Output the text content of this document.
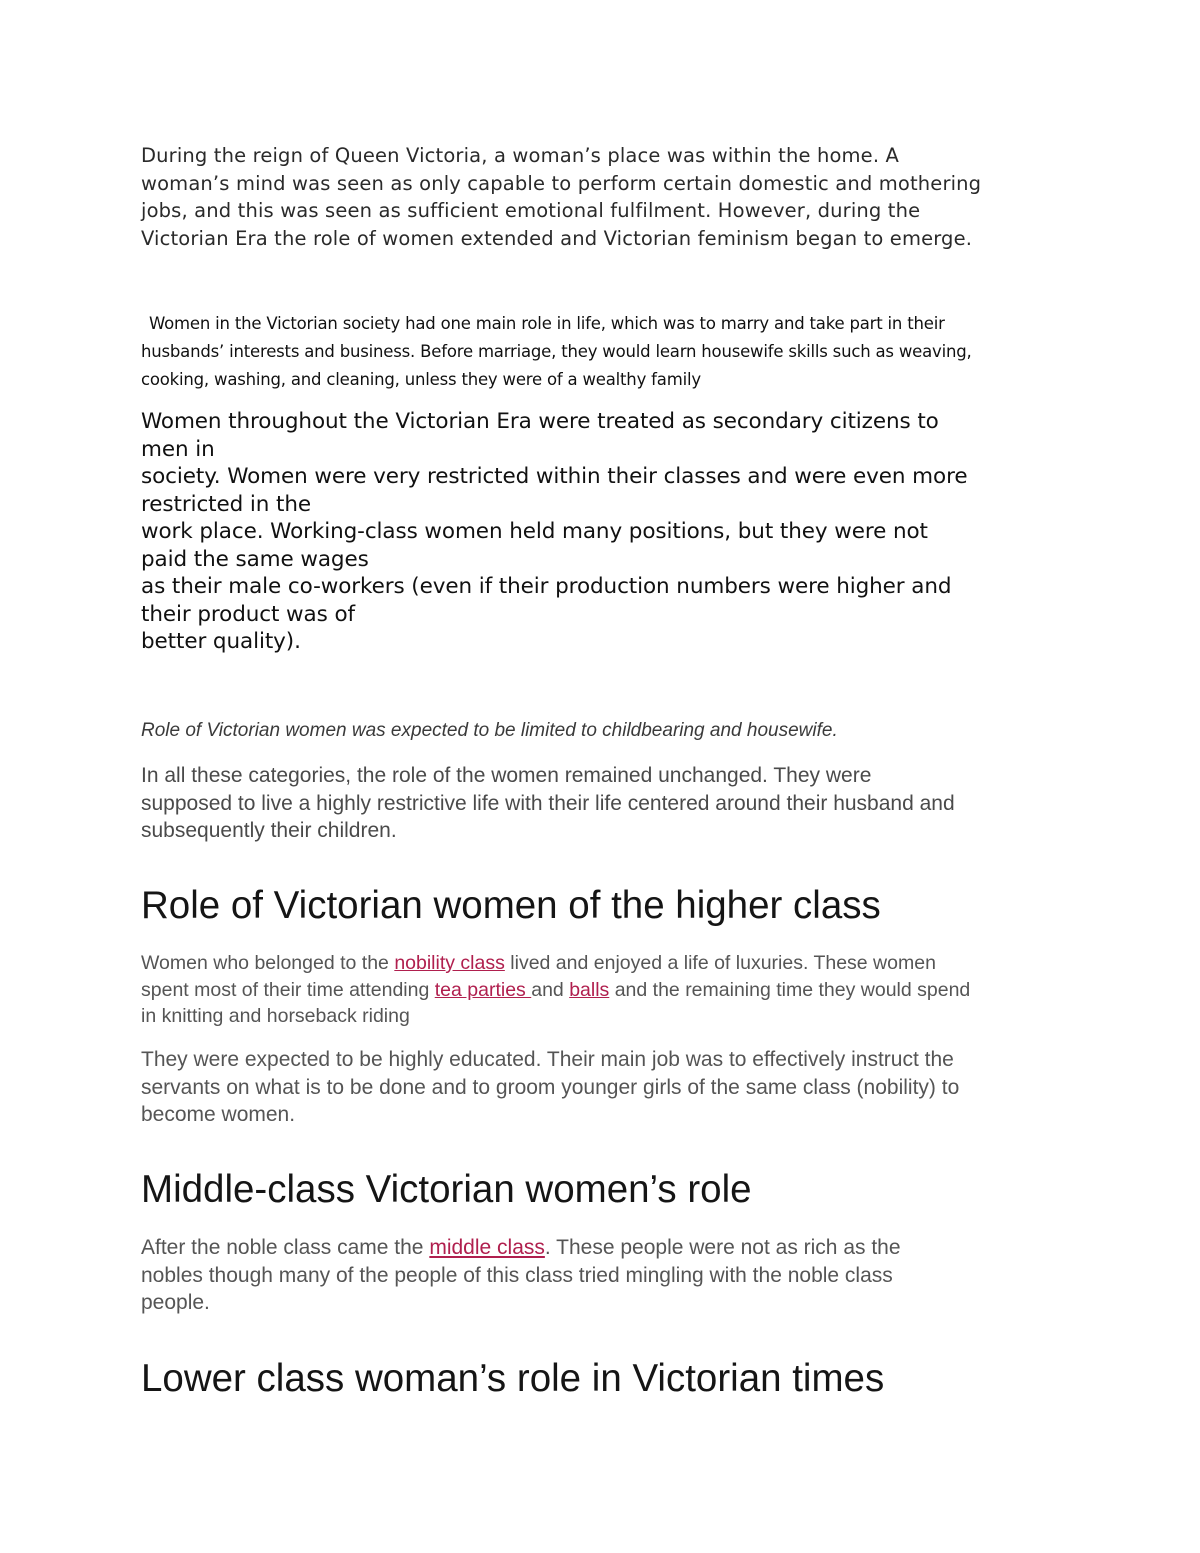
During the reign of Queen Victoria, a woman’s place was within the home. A
woman’s mind was seen as only capable to perform certain domestic and mothering
jobs, and this was seen as sufficient emotional fulfilment. However, during the
Victorian Era the role of women extended and Victorian feminism began to emerge.

Women in the Victorian society had one main role in life, which was to marry and take part in their
husbands’ interests and business. Before marriage, they would learn housewife skills such as weaving,
cooking, washing, and cleaning, unless they were of a wealthy family

Women throughout the Victorian Era were treated as secondary citizens to
men in
society. Women were very restricted within their classes and were even more
restricted in the
work place. Working-class women held many positions, but they were not
paid the same wages
as their male co-workers (even if their production numbers were higher and
their product was of
better quality).

Role of Victorian women was expected to be limited to childbearing and housewife.

In all these categories, the role of the women remained unchanged. They were
supposed to live a highly restrictive life with their life centered around their husband and
subsequently their children.

Role of Victorian women of the higher class

Women who belonged to the nobility class lived and enjoyed a life of luxuries. These women
spent most of their time attending tea parties and balls and the remaining time they would spend
in knitting and horseback riding

They were expected to be highly educated. Their main job was to effectively instruct the
servants on what is to be done and to groom younger girls of the same class (nobility) to
become women.

Middle-class Victorian women’s role

After the noble class came the middle class. These people were not as rich as the
nobles though many of the people of this class tried mingling with the noble class
people.

Lower class woman’s role in Victorian times
